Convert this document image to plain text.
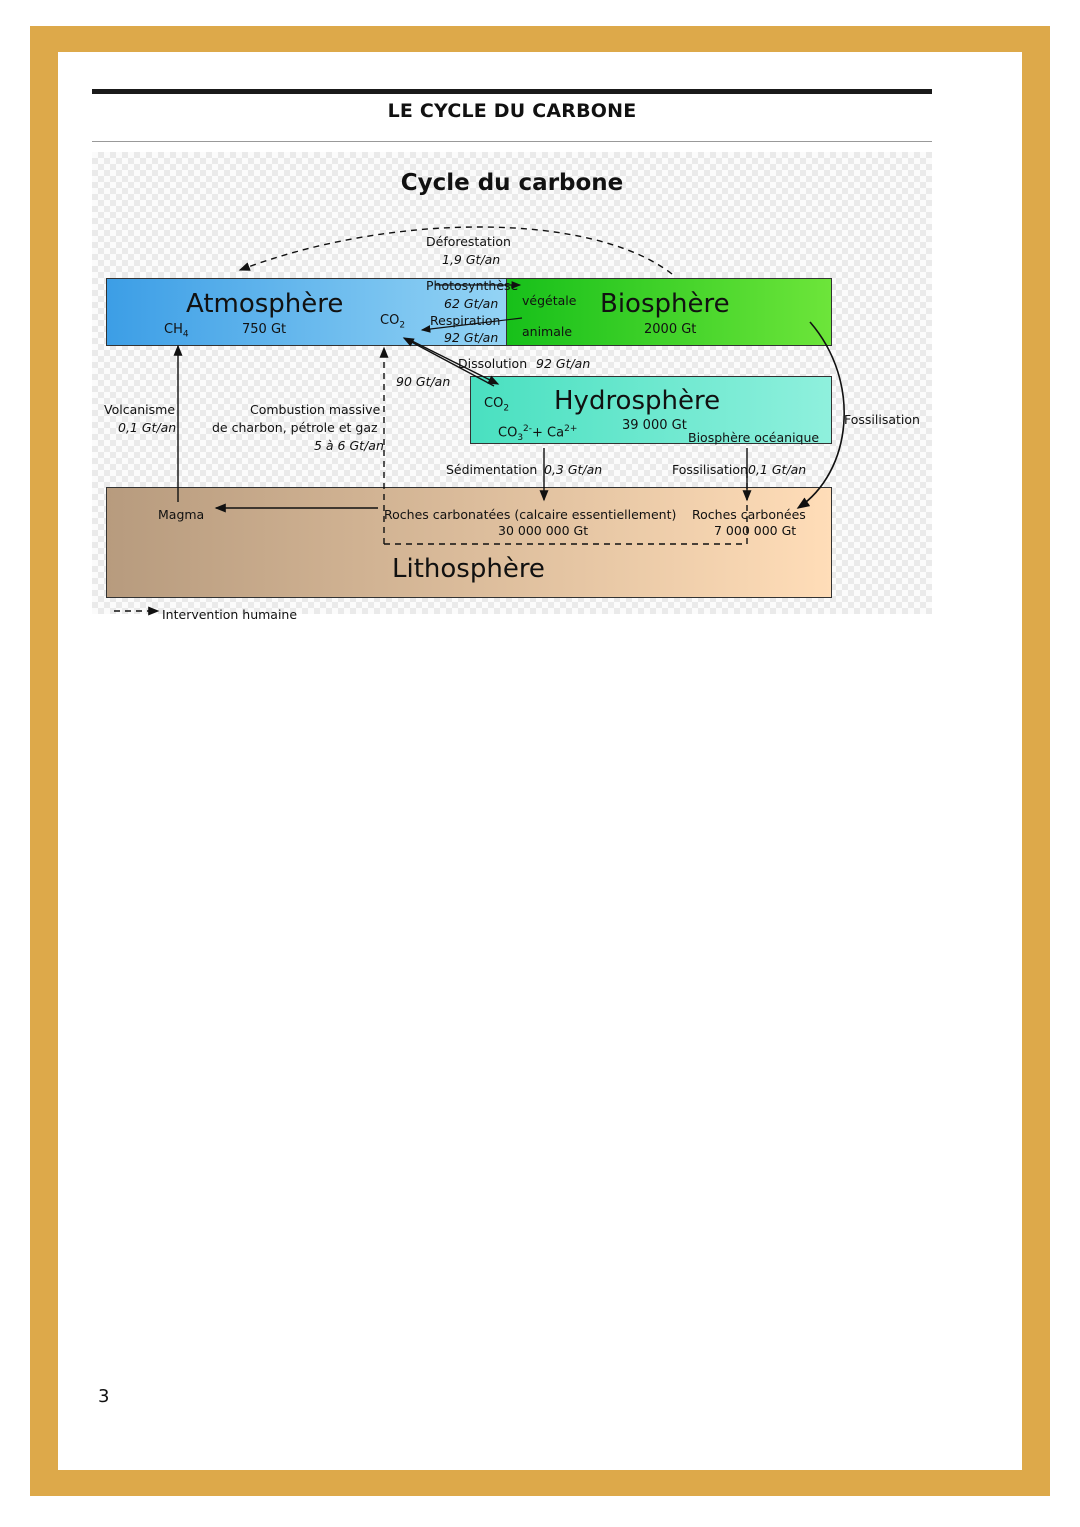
LE CYCLE DU CARBONE
Cycle du carbone
Atmosphère
750 Gt
$CH_4$
$CO_2$
Biosphère
2000 Gt
végétale
animale
Hydrosphère
39 000 Gt
$CO_2$
$CO_3^{2-}+ Ca^{2+}$
Biosphère océanique
Lithosphère
Magma	Roches carbonatées (calcaire essentiellement)
30 000 000 Gt
Roches carbonées
7 000 000 Gt
Déforestation
1,9 Gt/an
Photosynthèse
62 Gt/an
Respiration
92 Gt/an
Dissolution 92 Gt/an
90 Gt/an
Volcanisme
0,1 Gt/an
Combustion massive
de charbon, pétrole et gaz
5 à 6 Gt/an
Sédimentation 0,3 Gt/an	Fossilisation 0,1 Gt/an
Fossilisation
Intervention humaine
3
